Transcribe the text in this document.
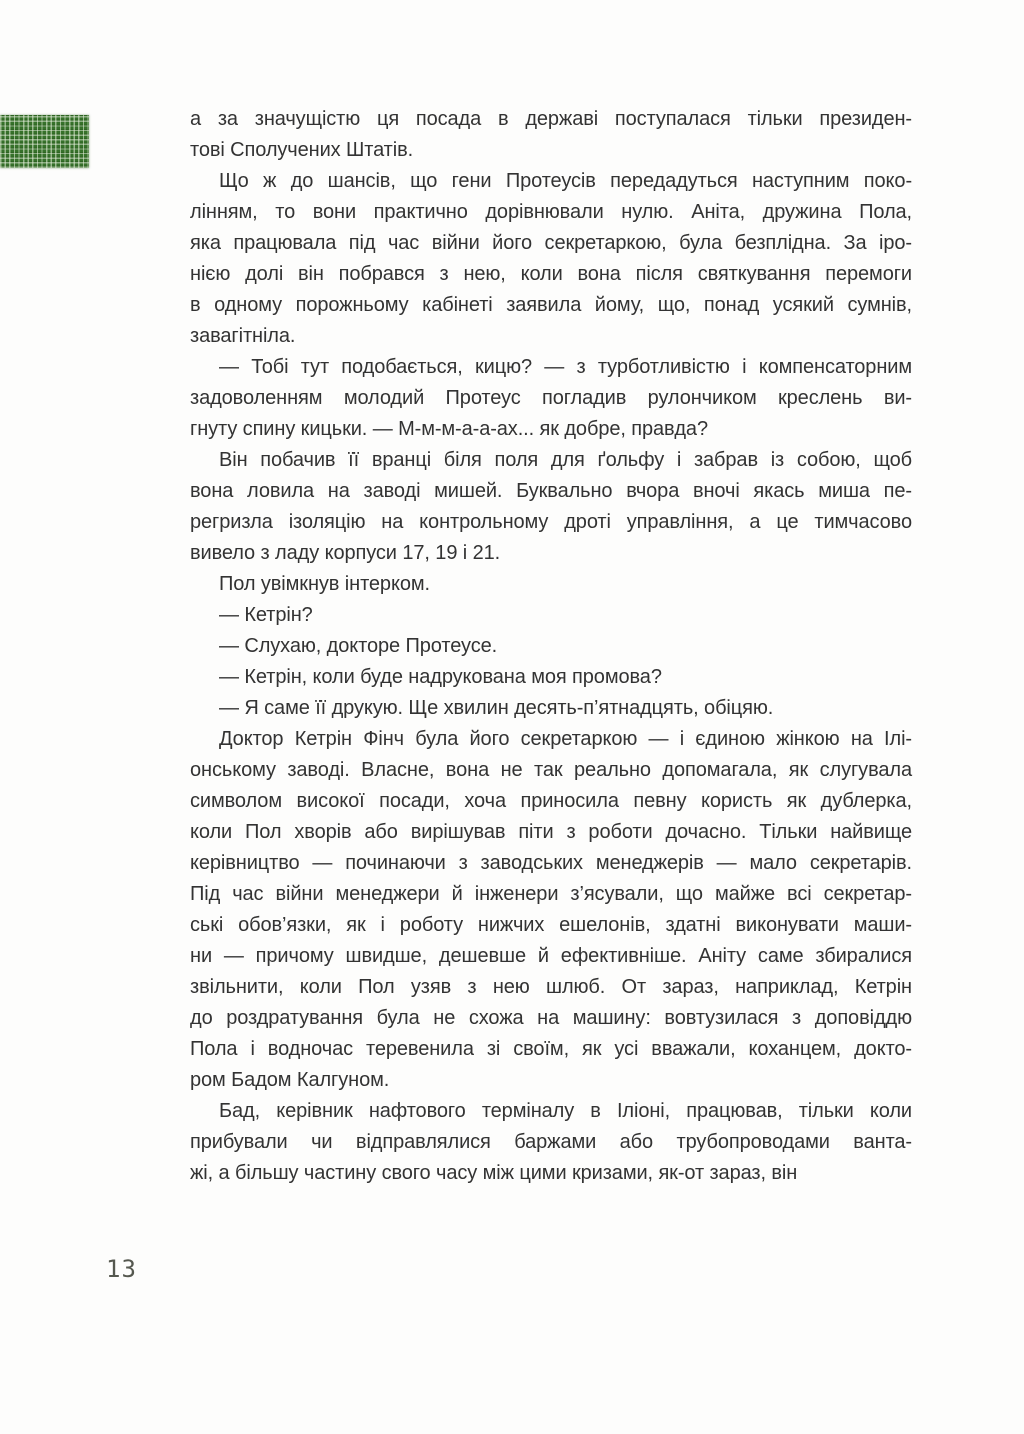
а за значущістю ця посада в державі поступалася тільки президен-
тові Сполучених Штатів.
Що ж до шансів, що гени Протеусів передадуться наступним поко-
лінням, то вони практично дорівнювали нулю. Аніта, дружина Пола,
яка працювала під час війни його секретаркою, була безплідна. За іро-
нією долі він побрався з нею, коли вона після святкування перемоги
в одному порожньому кабінеті заявила йому, що, понад усякий сумнів,
завагітніла.
— Тобі тут подобається, кицю? — з турботливістю і компенсаторним
задоволенням молодий Протеус погладив рулончиком креслень ви-
гнуту спину кицьки. — М-м-м-а-а-ах... як добре, правда?
Він побачив її вранці біля поля для ґольфу і забрав із собою, щоб
вона ловила на заводі мишей. Буквально вчора вночі якась миша пе-
регризла ізоляцію на контрольному дроті управління, а це тимчасово
вивело з ладу корпуси 17, 19 і 21.
Пол увімкнув інтерком.
— Кетрін?
— Слухаю, докторе Протеусе.
— Кетрін, коли буде надрукована моя промова?
— Я саме її друкую. Ще хвилин десять-п’ятнадцять, обіцяю.
Доктор Кетрін Фінч була його секретаркою — і єдиною жінкою на Ілі-
онському заводі. Власне, вона не так реально допомагала, як слугувала
символом високої посади, хоча приносила певну користь як дублерка,
коли Пол хворів або вирішував піти з роботи дочасно. Тільки найвище
керівництво — починаючи з заводських менеджерів — мало секретарів.
Під час війни менеджери й інженери з’ясували, що майже всі секретар-
ські обов’язки, як і роботу нижчих ешелонів, здатні виконувати маши-
ни — причому швидше, дешевше й ефективніше. Аніту саме збиралися
звільнити, коли Пол узяв з нею шлюб. От зараз, наприклад, Кетрін
до роздратування була не схожа на машину: вовтузилася з доповіддю
Пола і водночас теревенила зі своїм, як усі вважали, коханцем, докто-
ром Бадом Калгуном.
Бад, керівник нафтового терміналу в Іліоні, працював, тільки коли
прибували чи відправлялися баржами або трубопроводами ванта-
жі, а більшу частину свого часу між цими кризами, як-от зараз, він
13
